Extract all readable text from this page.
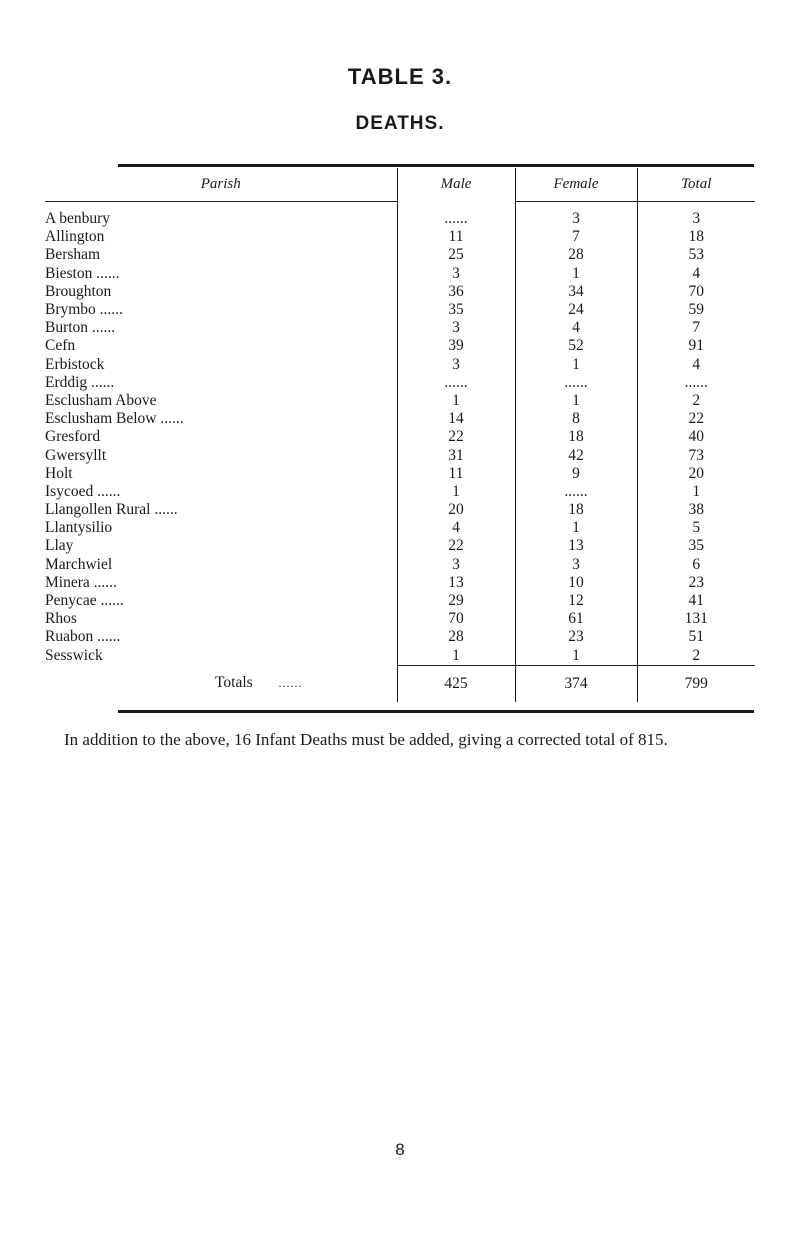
TABLE 3.
DEATHS.
Parish	Male	Female	Total

A benbury	......	3	3
Allington	11	7	18
Bersham	25	28	53
Bieston ......	3	1	4
Broughton	36	34	70
Brymbo ......	35	24	59
Burton ......	3	4	7
Cefn	39	52	91
Erbistock	3	1	4
Erddig ......	......	......	......
Esclusham Above	1	1	2
Esclusham Below ......	14	8	22
Gresford	22	18	40
Gwersyllt	31	42	73
Holt	11	9	20
Isycoed ......	1	......	1
Llangollen Rural ......	20	18	38
Llantysilio	4	1	5
Llay	22	13	35
Marchwiel	3	3	6
Minera ......	13	10	23
Penycae ......	29	12	41
Rhos	70	61	131
Ruabon ......	28	23	51
Sesswick	1	1	2
Totals ......	425	374	799
In addition to the above, 16 Infant Deaths must be added, giving a corrected total of 815.
8
